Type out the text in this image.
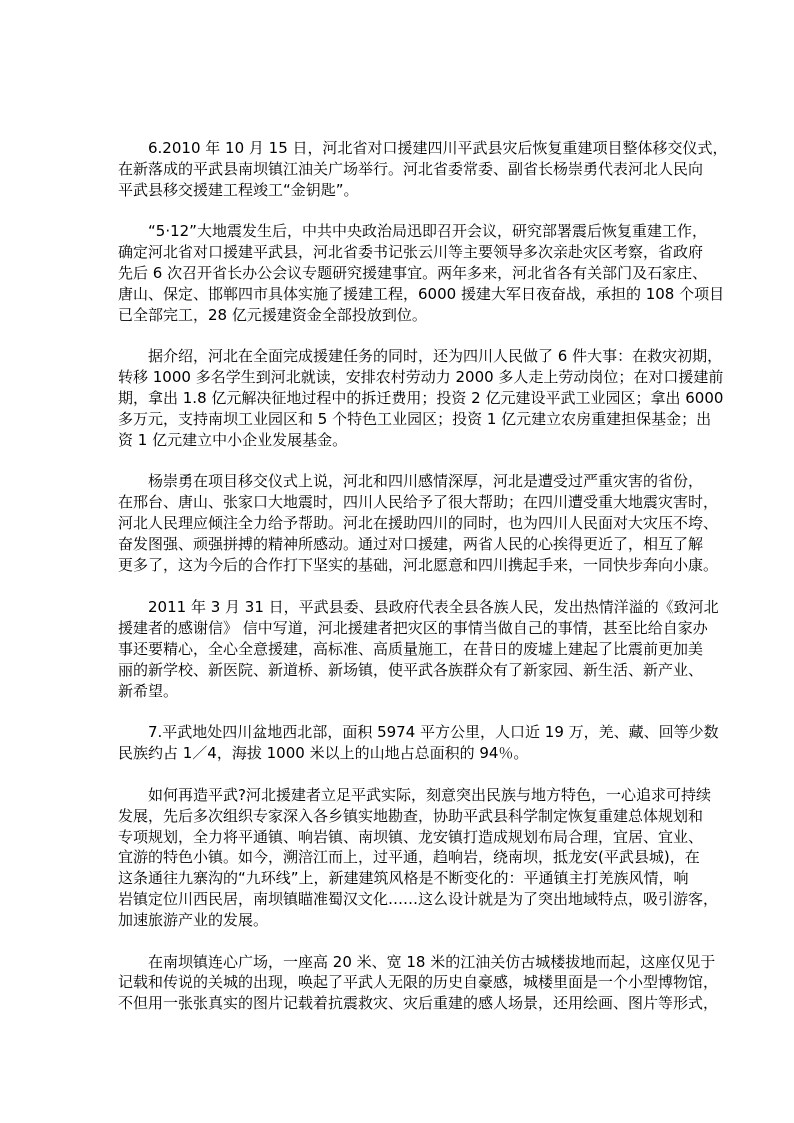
6.2010 年 10 月 15 日，河北省对口援建四川平武县灾后恢复重建项目整体移交仪式，
在新落成的平武县南坝镇江油关广场举行。河北省委常委、副省长杨崇勇代表河北人民向
平武县移交援建工程竣工“金钥匙”。
“5·12”大地震发生后，中共中央政治局迅即召开会议，研究部署震后恢复重建工作，
确定河北省对口援建平武县，河北省委书记张云川等主要领导多次亲赴灾区考察，省政府
先后 6 次召开省长办公会议专题研究援建事宜。两年多来，河北省各有关部门及石家庄、
唐山、保定、邯郸四市具体实施了援建工程，6000 援建大军日夜奋战，承担的 108 个项目
已全部完工，28 亿元援建资金全部投放到位。
据介绍，河北在全面完成援建任务的同时，还为四川人民做了 6 件大事：在救灾初期，
转移 1000 多名学生到河北就读，安排农村劳动力 2000 多人走上劳动岗位；在对口援建前
期，拿出 1.8 亿元解决征地过程中的拆迁费用；投资 2 亿元建设平武工业园区；拿出 6000
多万元，支持南坝工业园区和 5 个特色工业园区；投资 1 亿元建立农房重建担保基金；出
资 1 亿元建立中小企业发展基金。
杨崇勇在项目移交仪式上说，河北和四川感情深厚，河北是遭受过严重灾害的省份，
在邢台、唐山、张家口大地震时，四川人民给予了很大帮助；在四川遭受重大地震灾害时，
河北人民理应倾注全力给予帮助。河北在援助四川的同时，也为四川人民面对大灾压不垮、
奋发图强、顽强拼搏的精神所感动。通过对口援建，两省人民的心挨得更近了，相互了解
更多了，这为今后的合作打下坚实的基础，河北愿意和四川携起手来，一同快步奔向小康。
2011 年 3 月 31 日，平武县委、县政府代表全县各族人民，发出热情洋溢的《致河北
援建者的感谢信》 信中写道，河北援建者把灾区的事情当做自己的事情，甚至比给自家办
事还要精心，全心全意援建，高标准、高质量施工，在昔日的废墟上建起了比震前更加美
丽的新学校、新医院、新道桥、新场镇，使平武各族群众有了新家园、新生活、新产业、
新希望。
7.平武地处四川盆地西北部，面积 5974 平方公里，人口近 19 万，羌、藏、回等少数
民族约占 1／4，海拔 1000 米以上的山地占总面积的 94％。
如何再造平武?河北援建者立足平武实际，刻意突出民族与地方特色，一心追求可持续
发展，先后多次组织专家深入各乡镇实地勘查，协助平武县科学制定恢复重建总体规划和
专项规划，全力将平通镇、响岩镇、南坝镇、龙安镇打造成规划布局合理，宜居、宜业、
宜游的特色小镇。如今，溯涪江而上，过平通，趋响岩，绕南坝，抵龙安(平武县城)，在
这条通往九寨沟的“九环线”上，新建建筑风格是不断变化的：平通镇主打羌族风情，响
岩镇定位川西民居，南坝镇瞄准蜀汉文化……这么设计就是为了突出地域特点，吸引游客，
加速旅游产业的发展。
在南坝镇连心广场，一座高 20 米、宽 18 米的江油关仿古城楼拔地而起，这座仅见于
记载和传说的关城的出现，唤起了平武人无限的历史自豪感，城楼里面是一个小型博物馆，
不但用一张张真实的图片记载着抗震救灾、灾后重建的感人场景，还用绘画、图片等形式，
